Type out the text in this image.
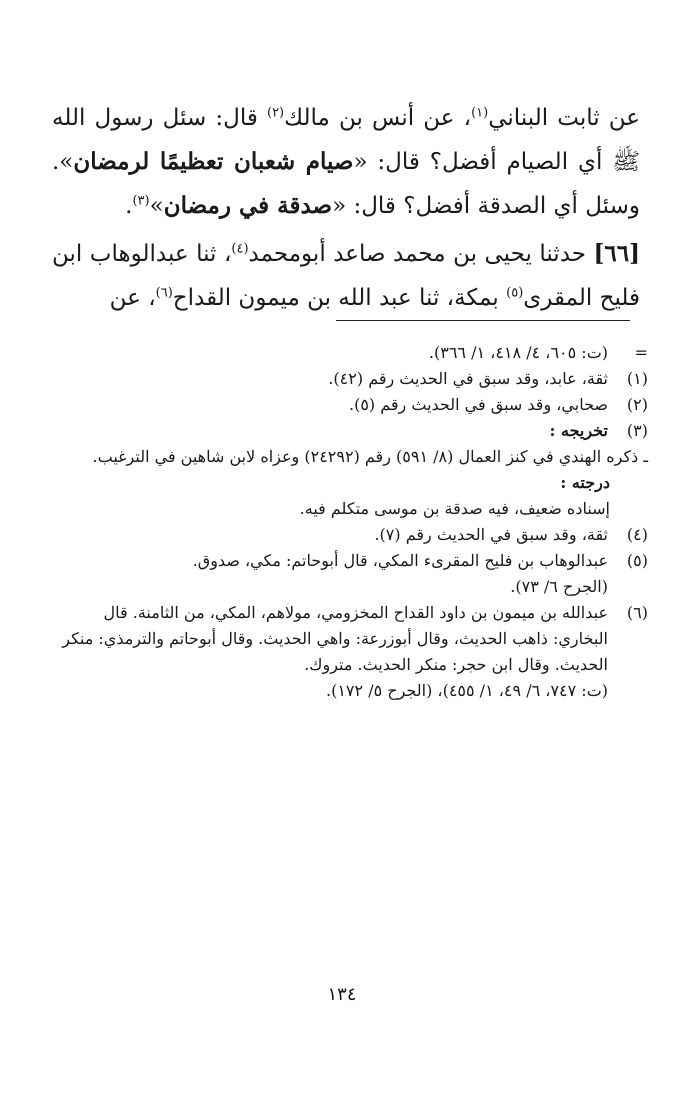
عن ثابت البناني$^{(١)}$، عن أنس بن مالك$^{(٢)}$ قال: سئل رسول الله ﷺ أي الصيام أفضل؟ قال: «صيام شعبان تعظيمًا لرمضان». وسئل أي الصدقة أفضل؟ قال: «صدقة في رمضان»$^{(٣)}$.

[٦٦] حدثنا يحيى بن محمد صاعد أبومحمد$^{(٤)}$، ثنا عبدالوهاب ابن فليح المقرى$^{(٥)}$ بمكة، ثنا عبد الله بن ميمون القداح$^{(٦)}$، عن

=
(ت: ٦٠٥، ٤/ ٤١٨، ١/ ٣٦٦).
(١)
ثقة، عابد، وقد سبق في الحديث رقم (٤٢).
(٢)
صحابي، وقد سبق في الحديث رقم (٥).
(٣)
تخريجه :
ـ ذكره الهندي في كنز العمال (٨/ ٥٩١) رقم (٢٤٢٩٢) وعزاه لابن شاهين في الترغيب.
درجته :
إسناده ضعيف، فيه صدقة بن موسى متكلم فيه.
(٤)
ثقة، وقد سبق في الحديث رقم (٧).
(٥)
عبدالوهاب بن فليح المقرىء المكي، قال أبوحاتم: مكي، صدوق.
(الجرح ٦/ ٧٣).
(٦)
عبدالله بن ميمون بن داود القداح المخزومي، مولاهم، المكي، من الثامنة. قال البخاري: ذاهب الحديث، وقال أبوزرعة: واهي الحديث. وقال أبوحاتم والترمذي: منكر الحديث. وقال ابن حجر: منكر الحديث. متروك.
(ت: ٧٤٧، ٦/ ٤٩، ١/ ٤٥٥)، (الجرح ٥/ ١٧٢).
١٣٤
